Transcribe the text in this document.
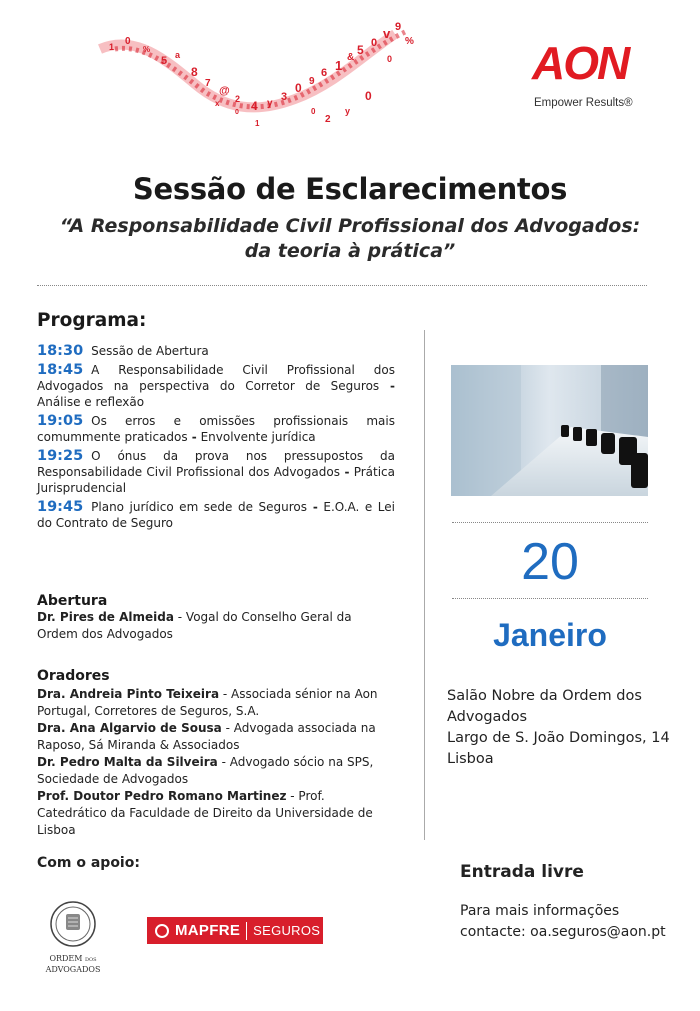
1 0
%
5 a
8
7
@
2 4 y
3
0 9
6 1
&
5 0
v 9
%
0
0
y
2
0
1
0
x
AON
Empower Results®
Sessão de Esclarecimentos
“A Responsabilidade Civil Profissional dos Advogados:
da teoria à prática”
Programa:
18:30 Sessão de Abertura
18:45 A Responsabilidade Civil Profissional dos Advogados na perspectiva do Corretor de Seguros - Análise e reflexão
19:05 Os erros e omissões profissionais mais comummente praticados - Envolvente jurídica
19:25 O ónus da prova nos pressupostos da Responsabilidade Civil Profissional dos Advogados - Prática Jurisprudencial
19:45 Plano jurídico em sede de Seguros - E.O.A. e Lei do Contrato de Seguro
Abertura
Dr. Pires de Almeida - Vogal do Conselho Geral da Ordem dos Advogados
Oradores
Dra. Andreia Pinto Teixeira - Associada sénior na Aon Portugal, Corretores de Seguros, S.A.
Dra. Ana Algarvio de Sousa - Advogada associada na Raposo, Sá Miranda & Associados
Dr. Pedro Malta da Silveira - Advogado sócio na SPS, Sociedade de Advogados
Prof. Doutor Pedro Romano Martinez - Prof. Catedrático da Faculdade de Direito da Universidade de Lisboa
Com o apoio:
ORDEM DOS
ADVOGADOS
MAPFRE SEGUROS
20
Janeiro
Salão Nobre da Ordem dos
Advogados
Largo de S. João Domingos, 14
Lisboa
Entrada livre
Para mais informações
contacte: oa.seguros@aon.pt
